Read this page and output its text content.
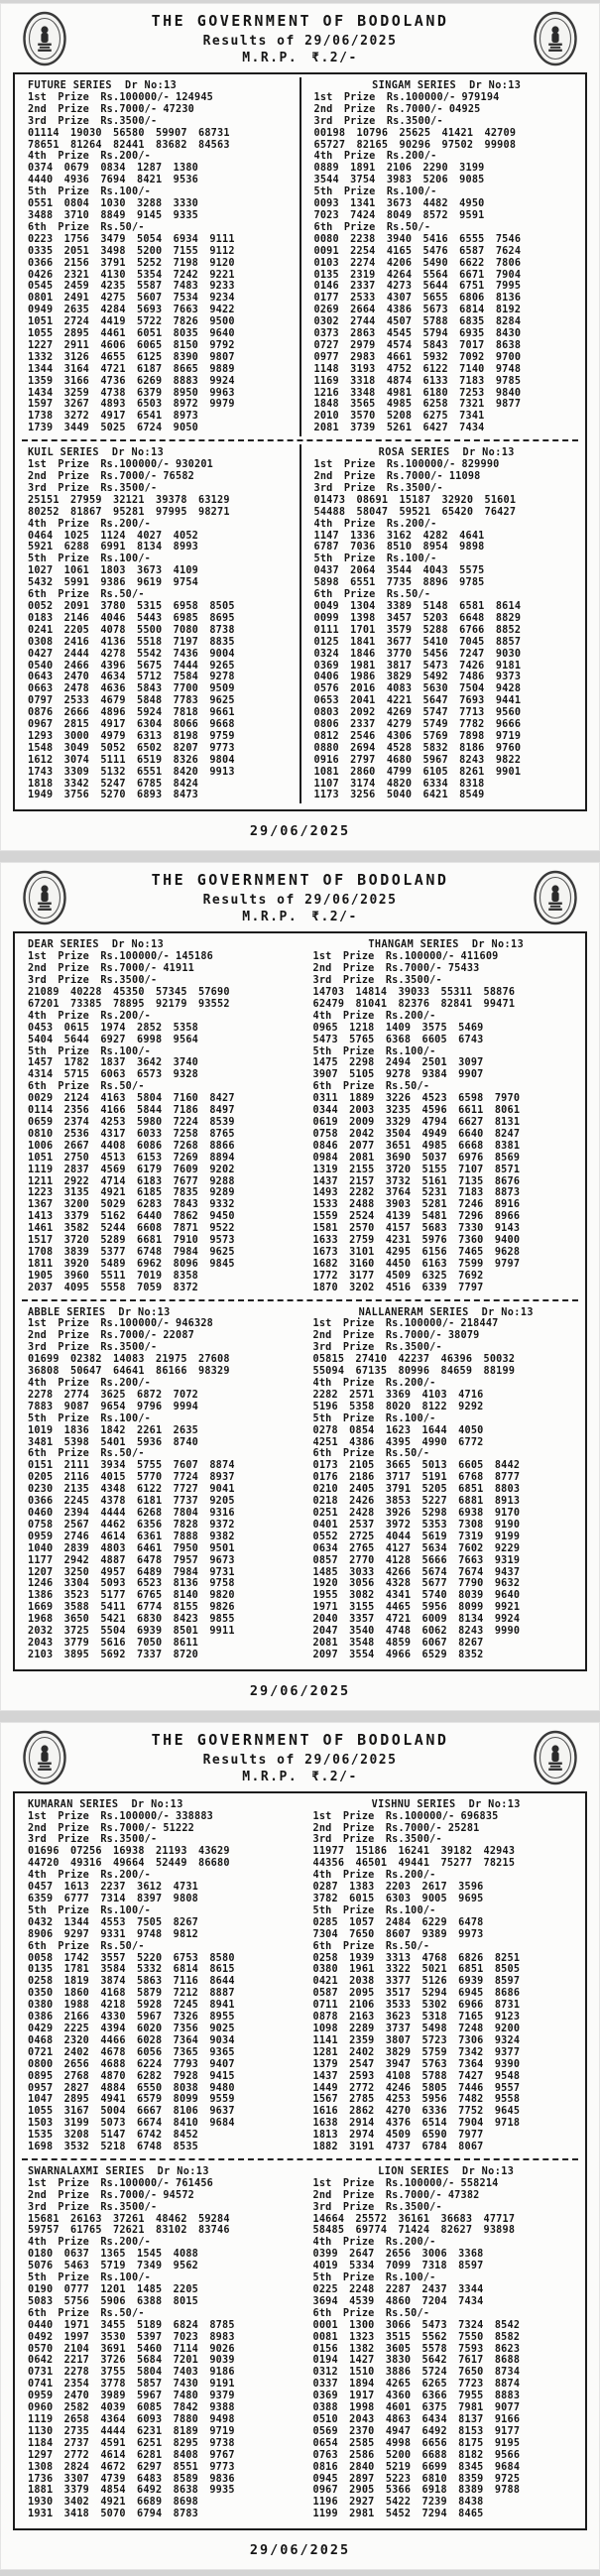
THE GOVERNMENT OF BODOLAND
Results of 29/06/2025
M.R.P. ₹.2/-
FUTURE SERIES Dr No:13
1st Prize Rs.100000/- 124945
2nd Prize Rs.7000/- 47230
3rd Prize Rs.3500/-
01114 19030 56580 59907 68731
78651 81264 82441 83682 84563
4th Prize Rs.200/-
0374 0679 0834 1287 1380
4440 4936 7694 8421 9536
5th Prize Rs.100/-
0551 0804 1030 3288 3330
3488 3710 8849 9145 9335
6th Prize Rs.50/-
0223 1756 3479 5054 6934 9111
0335 2051 3498 5200 7155 9112
0366 2156 3791 5252 7198 9120
0426 2321 4130 5354 7242 9221
0545 2459 4235 5587 7483 9233
0801 2491 4275 5607 7534 9234
0949 2635 4284 5693 7663 9422
1051 2724 4419 5722 7826 9500
1055 2895 4461 6051 8035 9640
1227 2911 4606 6065 8150 9792
1332 3126 4655 6125 8390 9807
1344 3164 4721 6187 8665 9889
1359 3166 4736 6269 8883 9924
1434 3259 4738 6379 8950 9963
1597 3267 4893 6503 8972 9979
1738 3272 4917 6541 8973
1739 3449 5025 6724 9050
SINGAM SERIES Dr No:13
1st Prize Rs.100000/- 979194
2nd Prize Rs.7000/- 04925
3rd Prize Rs.3500/-
00198 10796 25625 41421 42709
65727 82165 90296 97502 99908
4th Prize Rs.200/-
0889 1891 2106 2290 3199
3544 3754 3983 5206 9085
5th Prize Rs.100/-
0093 1341 3673 4482 4950
7023 7424 8049 8572 9591
6th Prize Rs.50/-
0080 2238 3940 5416 6555 7546
0091 2254 4165 5476 6587 7624
0103 2274 4206 5490 6622 7806
0135 2319 4264 5564 6671 7904
0146 2337 4273 5644 6751 7995
0177 2533 4307 5655 6806 8136
0269 2664 4386 5673 6814 8192
0302 2744 4507 5788 6835 8284
0373 2863 4545 5794 6935 8430
0727 2979 4574 5843 7017 8638
0977 2983 4661 5932 7092 9700
1148 3193 4752 6122 7140 9748
1169 3318 4874 6133 7183 9785
1216 3348 4981 6180 7253 9840
1848 3565 4985 6258 7321 9877
2010 3570 5208 6275 7341
2081 3739 5261 6427 7434
KUIL SERIES Dr No:13
1st Prize Rs.100000/- 930201
2nd Prize Rs.7000/- 76582
3rd Prize Rs.3500/-
25151 27959 32121 39378 63129
80252 81867 95281 97995 98271
4th Prize Rs.200/-
0464 1025 1124 4027 4052
5921 6288 6991 8134 8993
5th Prize Rs.100/-
1027 1061 1803 3673 4109
5432 5991 9386 9619 9754
6th Prize Rs.50/-
0052 2091 3780 5315 6958 8505
0183 2146 4046 5443 6985 8695
0241 2205 4078 5500 7080 8738
0308 2416 4136 5518 7197 8835
0427 2444 4278 5542 7436 9004
0540 2466 4396 5675 7444 9265
0643 2470 4634 5712 7584 9278
0663 2478 4636 5843 7700 9509
0797 2533 4679 5848 7783 9625
0876 2666 4896 5924 7818 9661
0967 2815 4917 6304 8066 9668
1293 3000 4979 6313 8198 9759
1548 3049 5052 6502 8207 9773
1612 3074 5111 6519 8326 9804
1743 3309 5132 6551 8420 9913
1818 3342 5247 6785 8424
1949 3756 5270 6893 8473
ROSA SERIES Dr No:13
1st Prize Rs.100000/- 829990
2nd Prize Rs.7000/- 11098
3rd Prize Rs.3500/-
01473 08691 15187 32920 51601
54488 58047 59521 65420 76427
4th Prize Rs.200/-
1147 1336 3162 4282 4641
6787 7036 8510 8954 9898
5th Prize Rs.100/-
0437 2064 3544 4043 5575
5898 6551 7735 8896 9785
6th Prize Rs.50/-
0049 1304 3389 5148 6581 8614
0099 1398 3457 5203 6648 8829
0111 1701 3579 5288 6766 8852
0125 1841 3677 5410 7045 8857
0324 1846 3770 5456 7247 9030
0369 1981 3817 5473 7426 9181
0406 1986 3829 5492 7486 9373
0576 2016 4083 5630 7504 9428
0653 2041 4221 5647 7693 9441
0803 2092 4269 5747 7713 9560
0806 2337 4279 5749 7782 9666
0812 2546 4306 5769 7898 9719
0880 2694 4528 5832 8186 9760
0916 2797 4680 5967 8243 9822
1081 2860 4799 6105 8261 9901
1107 3174 4820 6334 8318
1173 3256 5040 6421 8549
29/06/2025
THE GOVERNMENT OF BODOLAND
Results of 29/06/2025
M.R.P. ₹.2/-
DEAR SERIES Dr No:13
1st Prize Rs.100000/- 145186
2nd Prize Rs.7000/- 41911
3rd Prize Rs.3500/-
21089 40228 45350 57345 57690
67201 73385 78895 92179 93552
4th Prize Rs.200/-
0453 0615 1974 2852 5358
5404 5644 6927 6998 9564
5th Prize Rs.100/-
1457 1782 1837 3642 3740
4314 5715 6063 6573 9328
6th Prize Rs.50/-
0029 2124 4163 5804 7160 8427
0114 2356 4166 5844 7186 8497
0659 2374 4253 5980 7224 8539
0810 2536 4317 6033 7258 8765
1006 2667 4408 6086 7268 8866
1051 2750 4513 6153 7269 8894
1119 2837 4569 6179 7609 9202
1211 2922 4714 6183 7677 9288
1223 3135 4921 6185 7835 9289
1367 3200 5029 6283 7843 9332
1413 3379 5162 6440 7862 9450
1461 3582 5244 6608 7871 9522
1517 3720 5289 6681 7910 9573
1708 3839 5377 6748 7984 9625
1811 3920 5489 6962 8096 9845
1905 3960 5511 7019 8358
2037 4095 5558 7059 8372
THANGAM SERIES Dr No:13
1st Prize Rs.100000/- 411609
2nd Prize Rs.7000/- 75433
3rd Prize Rs.3500/-
14703 14814 39033 55311 58876
62479 81041 82376 82841 99471
4th Prize Rs.200/-
0965 1218 1409 3575 5469
5473 5765 6368 6605 6743
5th Prize Rs.100/-
1475 2298 2494 2501 3097
3907 5105 9278 9384 9907
6th Prize Rs.50/-
0311 1889 3226 4523 6598 7970
0344 2003 3235 4596 6611 8061
0619 2009 3329 4794 6627 8131
0758 2042 3504 4949 6640 8247
0846 2077 3651 4985 6668 8381
0984 2081 3690 5037 6976 8569
1319 2155 3720 5155 7107 8571
1437 2157 3732 5161 7135 8676
1493 2282 3764 5231 7183 8873
1533 2488 3903 5281 7246 8916
1559 2524 4139 5481 7296 8966
1581 2570 4157 5683 7330 9143
1633 2759 4231 5976 7360 9400
1673 3101 4295 6156 7465 9628
1682 3160 4450 6163 7599 9797
1772 3177 4509 6325 7692
1870 3202 4516 6339 7797
ABBLE SERIES Dr No:13
1st Prize Rs.100000/- 946328
2nd Prize Rs.7000/- 22087
3rd Prize Rs.3500/-
01699 02382 14083 21975 27608
36808 50647 64641 86166 98329
4th Prize Rs.200/-
2278 2774 3625 6872 7072
7883 9087 9654 9796 9994
5th Prize Rs.100/-
1019 1836 1842 2261 2635
3481 5398 5401 5936 8740
6th Prize Rs.50/-
0151 2111 3934 5755 7607 8874
0205 2116 4015 5770 7724 8937
0230 2135 4348 6122 7727 9041
0366 2245 4378 6181 7737 9205
0460 2394 4444 6268 7804 9316
0758 2567 4462 6356 7828 9372
0959 2746 4614 6361 7888 9382
1040 2839 4803 6461 7950 9501
1177 2942 4887 6478 7957 9673
1207 3250 4957 6489 7984 9731
1246 3304 5093 6523 8136 9758
1386 3523 5177 6765 8140 9820
1669 3588 5411 6774 8155 9826
1968 3650 5421 6830 8423 9855
2032 3725 5504 6939 8501 9911
2043 3779 5616 7050 8611
2103 3895 5692 7337 8720
NALLANERAM SERIES Dr No:13
1st Prize Rs.100000/- 218447
2nd Prize Rs.7000/- 38079
3rd Prize Rs.3500/-
05815 27410 42237 46396 50032
55094 67135 80996 84659 88199
4th Prize Rs.200/-
2282 2571 3369 4103 4716
5196 5358 8020 8122 9292
5th Prize Rs.100/-
0278 0854 1623 1644 4050
4251 4386 4395 4990 6772
6th Prize Rs.50/-
0173 2105 3665 5013 6605 8442
0176 2186 3717 5191 6768 8777
0210 2405 3791 5205 6851 8803
0218 2426 3853 5227 6881 8913
0251 2428 3926 5298 6938 9170
0401 2537 3972 5353 7308 9190
0552 2725 4044 5619 7319 9199
0634 2765 4127 5634 7602 9229
0857 2770 4128 5666 7663 9319
1485 3033 4266 5674 7674 9437
1920 3056 4328 5677 7790 9632
1955 3082 4341 5740 8039 9640
1971 3155 4465 5956 8099 9921
2040 3357 4721 6009 8134 9924
2047 3540 4748 6062 8243 9990
2081 3548 4859 6067 8267
2097 3554 4966 6529 8352
29/06/2025
THE GOVERNMENT OF BODOLAND
Results of 29/06/2025
M.R.P. ₹.2/-
KUMARAN SERIES Dr No:13
1st Prize Rs.100000/- 338883
2nd Prize Rs.7000/- 51222
3rd Prize Rs.3500/-
01696 07256 16938 21193 43629
44720 49316 49664 52449 86680
4th Prize Rs.200/-
0457 1613 2237 3612 4731
6359 6777 7314 8397 9808
5th Prize Rs.100/-
0432 1344 4553 7505 8267
8906 9297 9331 9748 9812
6th Prize Rs.50/-
0058 1742 3557 5220 6753 8580
0135 1781 3584 5332 6814 8615
0258 1819 3874 5863 7116 8644
0350 1860 4168 5879 7212 8887
0380 1988 4218 5928 7245 8941
0386 2166 4330 5967 7326 8955
0429 2225 4394 6020 7356 9025
0468 2320 4466 6028 7364 9034
0721 2402 4678 6056 7365 9365
0800 2656 4688 6224 7793 9407
0895 2768 4870 6282 7928 9415
0957 2827 4884 6550 8038 9480
1047 2895 4941 6579 8099 9559
1055 3167 5004 6667 8106 9637
1503 3199 5073 6674 8410 9684
1535 3208 5147 6742 8452
1698 3532 5218 6748 8535
VISHNU SERIES Dr No:13
1st Prize Rs.100000/- 696835
2nd Prize Rs.7000/- 25281
3rd Prize Rs.3500/-
11977 15186 16241 39182 42943
44356 46501 49441 75277 78215
4th Prize Rs.200/-
0287 1383 2203 2617 3596
3782 6015 6303 9005 9695
5th Prize Rs.100/-
0285 1057 2484 6229 6478
7304 7650 8607 9389 9973
6th Prize Rs.50/-
0258 1939 3313 4768 6826 8251
0380 1961 3322 5021 6851 8505
0421 2038 3377 5126 6939 8597
0587 2095 3517 5294 6945 8686
0711 2106 3533 5302 6966 8731
0878 2163 3623 5318 7165 9123
1098 2289 3737 5498 7248 9200
1141 2359 3807 5723 7306 9324
1281 2402 3829 5759 7342 9377
1379 2547 3947 5763 7364 9390
1437 2593 4108 5788 7427 9548
1449 2772 4246 5805 7446 9557
1567 2785 4253 5956 7482 9558
1616 2862 4270 6336 7752 9645
1638 2914 4376 6514 7904 9718
1813 2974 4509 6590 7977
1882 3191 4737 6784 8067
SWARNALAXMI SERIES Dr No:13
1st Prize Rs.100000/- 761456
2nd Prize Rs.7000/- 94572
3rd Prize Rs.3500/-
15681 26163 37261 48462 59284
59757 61765 72621 83102 83746
4th Prize Rs.200/-
0180 0637 1365 1545 4088
5076 5463 5719 7349 9562
5th Prize Rs.100/-
0190 0777 1201 1485 2205
5083 5756 5906 6388 8015
6th Prize Rs.50/-
0440 1971 3455 5189 6824 8785
0492 1997 3530 5397 7023 8983
0570 2104 3691 5460 7114 9026
0642 2217 3726 5684 7201 9039
0731 2278 3755 5804 7403 9186
0741 2354 3778 5857 7430 9191
0959 2470 3989 5967 7480 9379
0960 2582 4039 6085 7842 9388
1119 2658 4364 6093 7880 9498
1130 2735 4444 6231 8189 9719
1184 2737 4591 6251 8295 9738
1297 2772 4614 6281 8408 9767
1308 2824 4672 6297 8551 9773
1736 3307 4739 6483 8589 9836
1881 3379 4854 6492 8638 9935
1930 3402 4921 6689 8698
1931 3418 5070 6794 8783
LION SERIES Dr No:13
1st Prize Rs.100000/- 558214
2nd Prize Rs.7000/- 47382
3rd Prize Rs.3500/-
14664 25572 36161 36683 47717
58485 69774 71424 82627 93898
4th Prize Rs.200/-
0399 2647 2656 3006 3368
4019 5334 7099 7318 8597
5th Prize Rs.100/-
0225 2248 2287 2437 3344
3694 4539 4860 7204 7434
6th Prize Rs.50/-
0001 1300 3066 5473 7324 8542
0081 1323 3515 5562 7550 8582
0156 1382 3605 5578 7593 8623
0194 1427 3830 5642 7617 8688
0312 1510 3886 5724 7650 8734
0337 1894 4265 6265 7723 8874
0369 1917 4360 6366 7955 8883
0388 1998 4601 6375 7981 9077
0510 2043 4863 6434 8137 9166
0569 2370 4947 6492 8153 9177
0654 2585 4998 6656 8175 9195
0763 2586 5200 6688 8182 9566
0816 2840 5219 6699 8345 9684
0945 2897 5223 6810 8359 9725
0967 2905 5366 6918 8389 9788
1196 2927 5422 7239 8438
1199 2981 5452 7294 8465
29/06/2025
